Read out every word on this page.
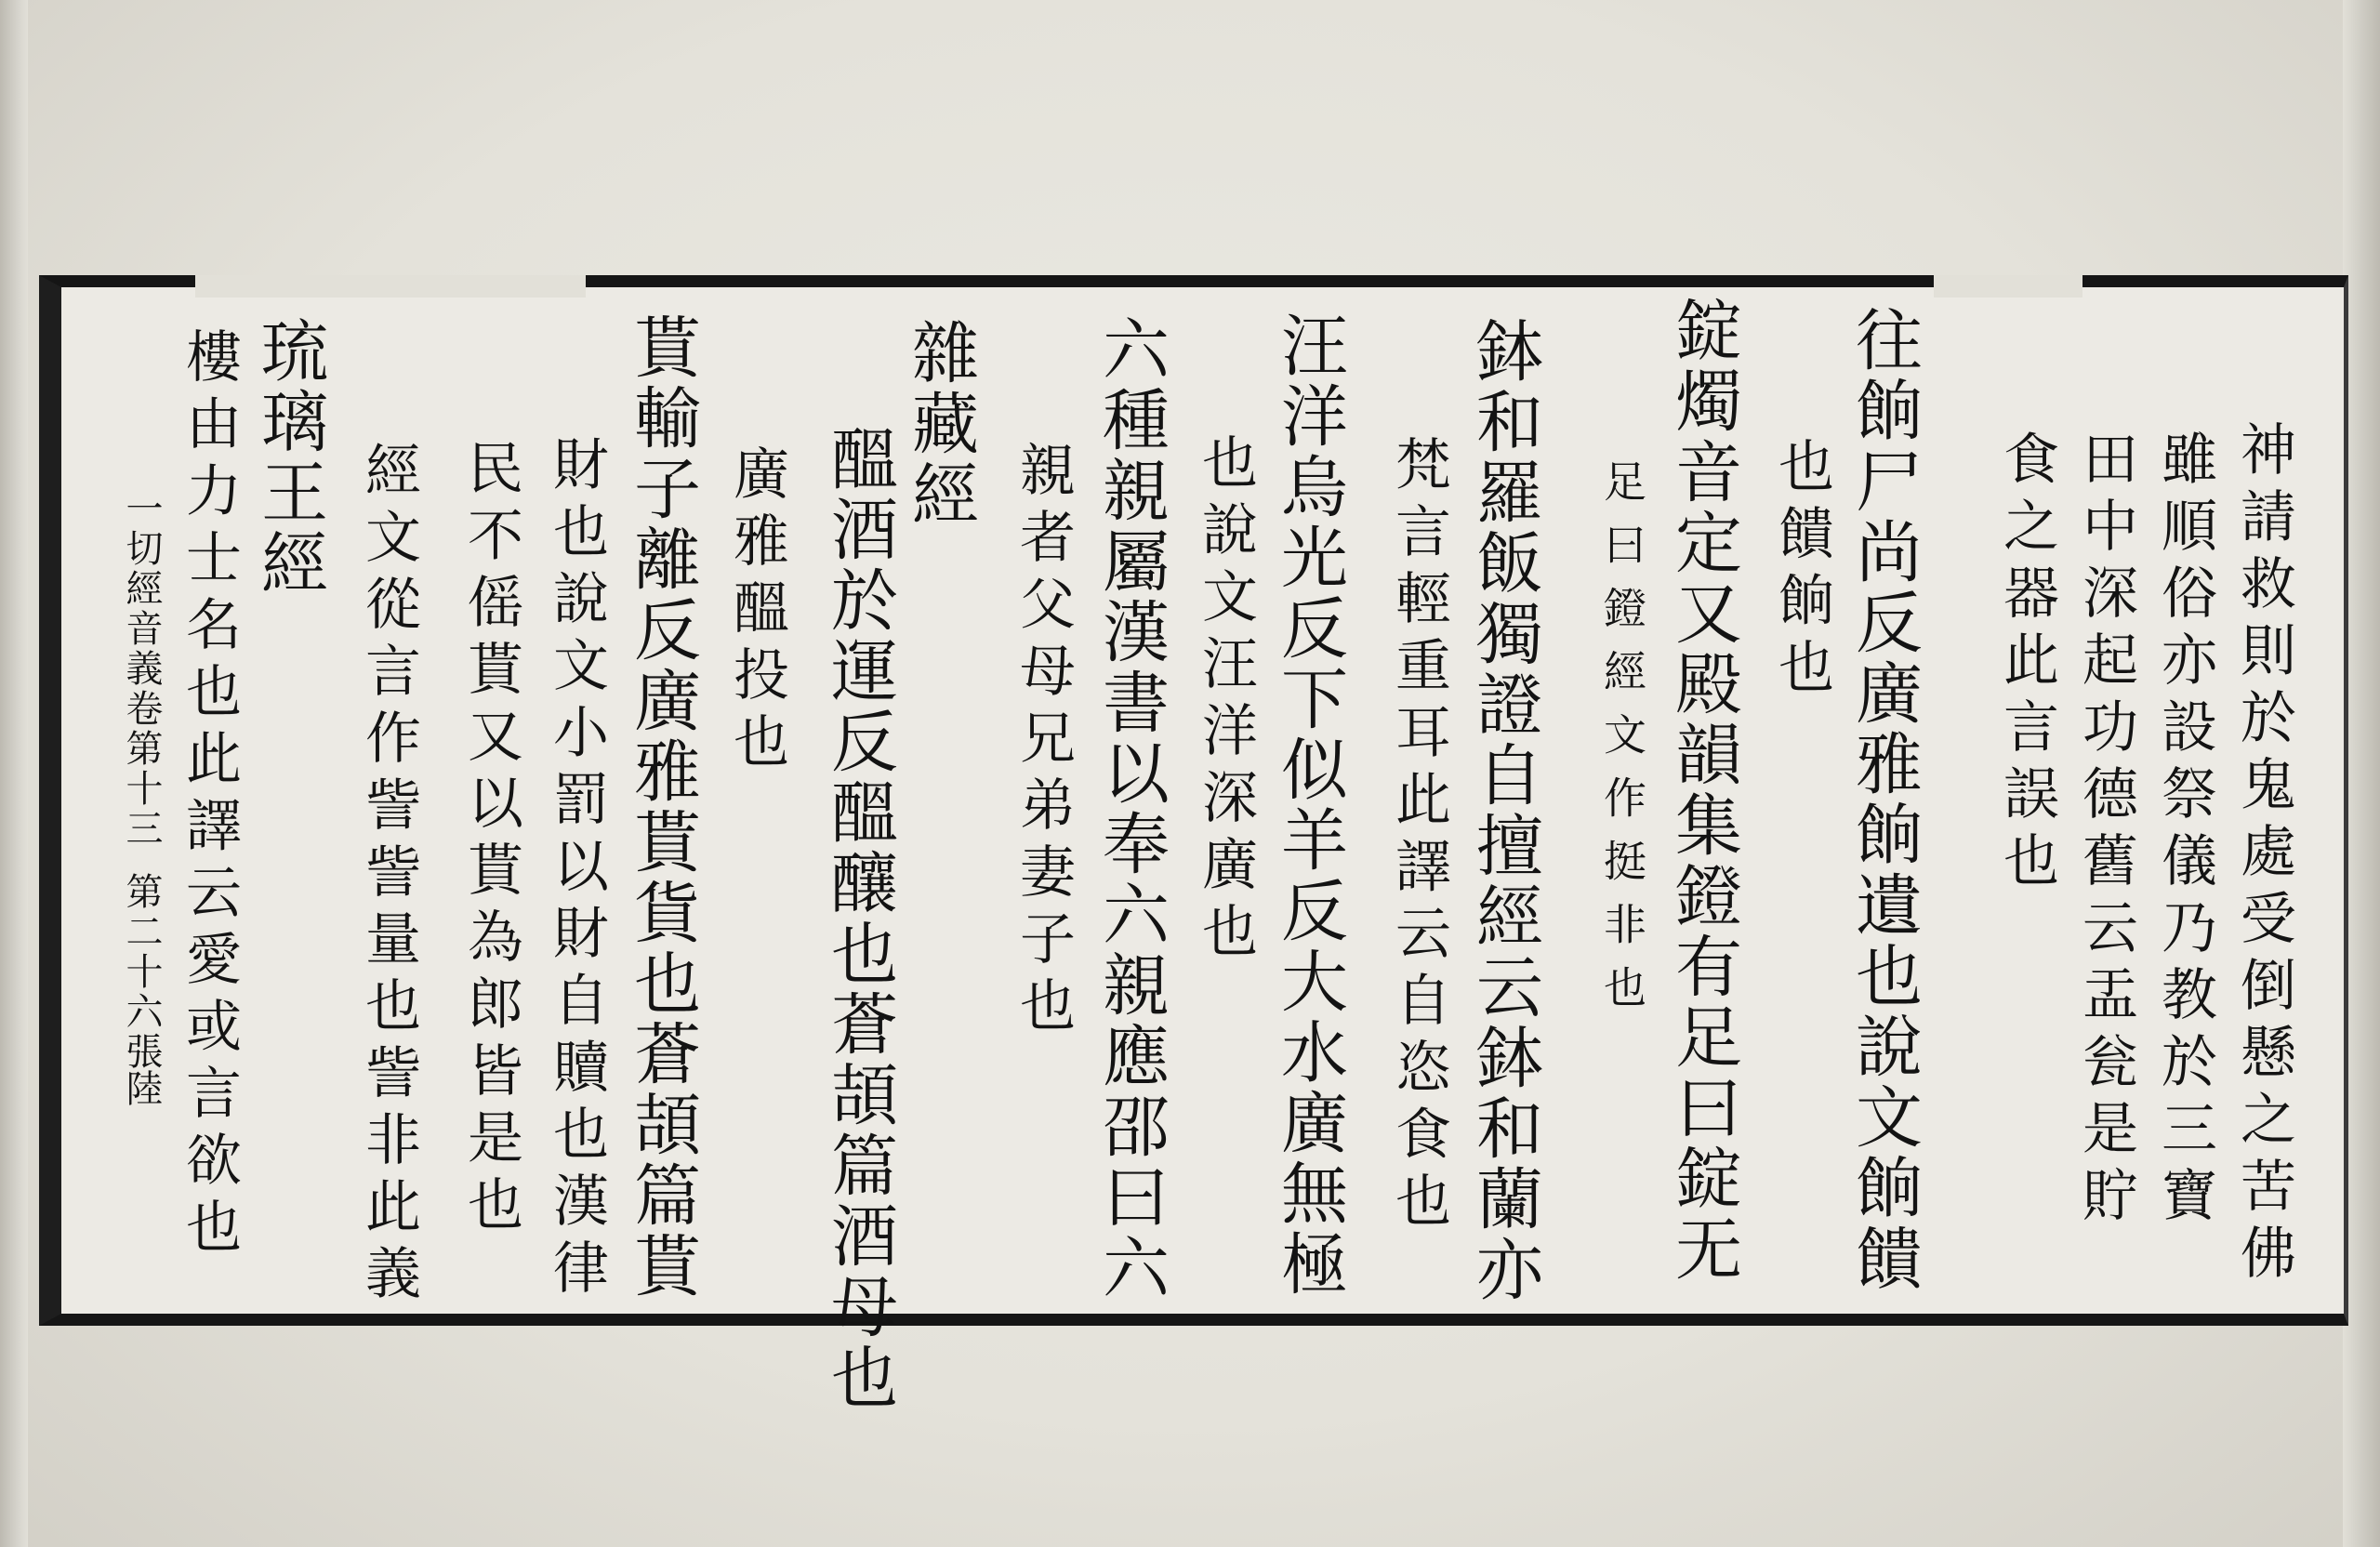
神請救則於鬼處受倒懸之苦佛
雖順俗亦設祭儀乃教於三寶
田中深起功德舊云盂瓮是貯
食之器此言誤也
往餉尸尚反廣雅餉遺也說文餉饋
也饋餉也
錠燭音定又殿韻集鐙有足曰錠无
足曰鐙經文作挺非也
鉢和羅飯獨證自擅經云鉢和蘭亦
梵言輕重耳此譯云自恣食也
汪洋烏光反下似羊反大水廣無極
也說文汪洋深廣也
六種親屬漢書以奉六親應邵曰六
親者父母兄弟妻子也
雜藏經
醞酒於運反醞釀也蒼頡篇酒母也
廣雅醞投也
貰輸子離反廣雅貰貨也蒼頡篇貰
財也說文小罰以財自贖也漢律
民不傜貰又以貰為郎皆是也
經文從言作訾訾量也訾非此義
琉璃王經
樓由力士名也此譯云愛或言欲也
一切經音義卷第十三
第二十六張
陸
